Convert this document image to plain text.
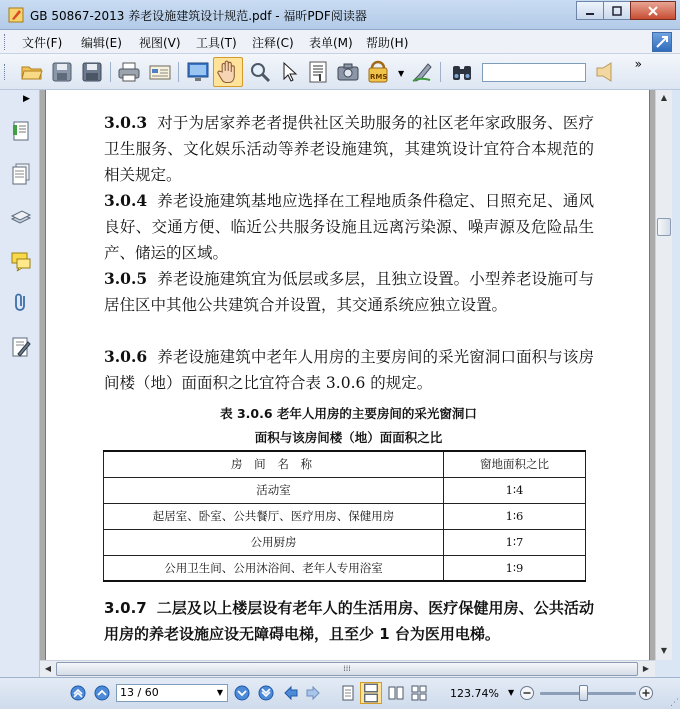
GB 50867-2013 养老设施建筑设计规范.pdf - 福昕PDF阅读器
文件(F) 编辑(E) 视图(V) 工具(T) 注释(C) 表单(M) 帮助(H)
RMS ▼
»
▶
3.0.3 对于为居家养老者提供社区关助服务的社区老年家政服务、医疗卫生服务、文化娱乐活动等养老设施建筑，其建筑设计宜符合本规范的相关规定。
3.0.4 养老设施建筑基地应选择在工程地质条件稳定、日照充足、通风良好、交通方便、临近公共服务设施且远离污染源、噪声源及危险品生产、储运的区域。
3.0.5 养老设施建筑宜为低层或多层，且独立设置。小型养老设施可与居住区中其他公共建筑合并设置，其交通系统应独立设置。
3.0.6 养老设施建筑中老年人用房的主要房间的采光窗洞口面积与该房间楼（地）面面积之比宜符合表 3.0.6 的规定。
表 3.0.6 老年人用房的主要房间的采光窗洞口
面积与该房间楼（地）面面积之比
房 间 名 称	窗地面积之比
活动室	1∶4
起居室、卧室、公共餐厅、医疗用房、保健用房	1∶6
公用厨房	1∶7
公用卫生间、公用沐浴间、老年人专用浴室	1∶9
3.0.7 二层及以上楼层设有老年人的生活用房、医疗保健用房、公共活动用房的养老设施应设无障碍电梯，且至少 1 台为医用电梯。
▲
▼
◀	⁞⁞⁞	▶
13 / 60	▼	123.74% ▼
⋰
